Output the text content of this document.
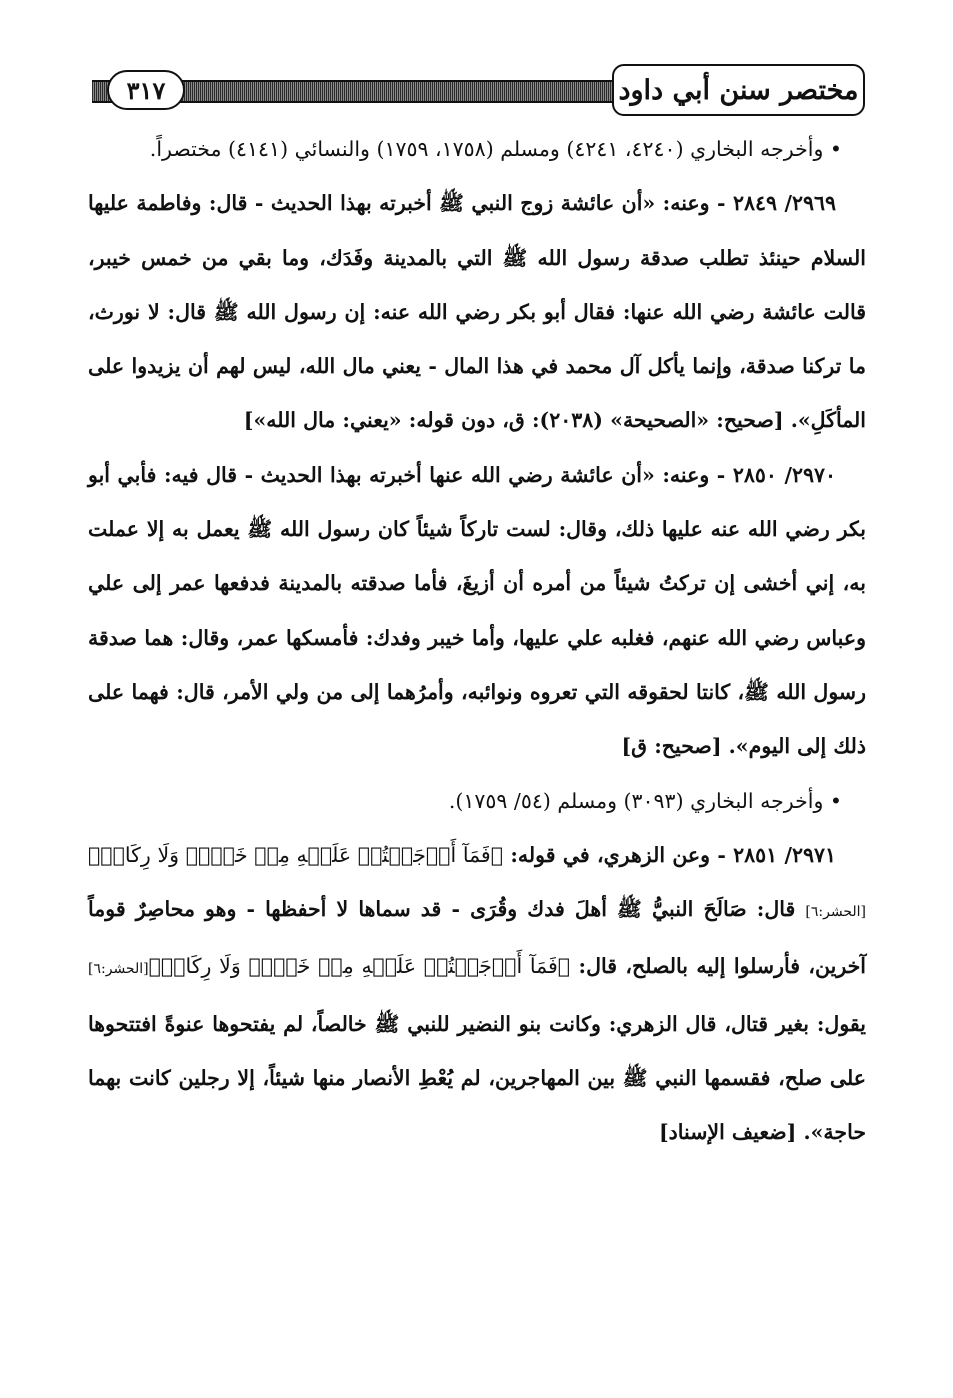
٣١٧	مختصر سنن أبي داود

• وأخرجه البخاري (٤٢٤٠، ٤٢٤١) ومسلم (١٧٥٨، ١٧٥٩) والنسائي (٤١٤١) مختصراً.

٢٩٦٩/ ٢٨٤٩ - وعنه: «أن عائشة زوج النبي ﷺ أخبرته بهذا الحديث - قال: وفاطمة عليها السلام حينئذ تطلب صدقة رسول الله ﷺ التي بالمدينة وفَدَك، وما بقي من خمس خيبر، قالت عائشة رضي الله عنها: فقال أبو بكر رضي الله عنه: إن رسول الله ﷺ قال: لا نورث، ما تركنا صدقة، وإنما يأكل آل محمد في هذا المال - يعني مال الله، ليس لهم أن يزيدوا على المأكَلِ». [صحيح: «الصحيحة» (٢٠٣٨): ق، دون قوله: «يعني: مال الله»]

٢٩٧٠/ ٢٨٥٠ - وعنه: «أن عائشة رضي الله عنها أخبرته بهذا الحديث - قال فيه: فأبي أبو بكر رضي الله عنه عليها ذلك، وقال: لست تاركاً شيئاً كان رسول الله ﷺ يعمل به إلا عملت به، إني أخشى إن تركتُ شيئاً من أمره أن أزيغَ، فأما صدقته بالمدينة فدفعها عمر إلى علي وعباس رضي الله عنهم، فغلبه علي عليها، وأما خيبر وفدك: فأمسكها عمر، وقال: هما صدقة رسول الله ﷺ، كانتا لحقوقه التي تعروه ونوائبه، وأمرُهما إلى من ولي الأمر، قال: فهما على ذلك إلى اليوم». [صحيح: ق]

• وأخرجه البخاري (٣٠٩٣) ومسلم (٥٤/ ١٧٥٩).

٢٩٧١/ ٢٨٥١ - وعن الزهري، في قوله: ﴿فَمَآ أَوۡجَفۡتُمۡ عَلَيۡهِ مِنۡ خَيۡلٖ وَلَا رِكَابٖ﴾[الحشر:٦] قال: صَالَحَ النبيُّ ﷺ أهلَ فدك وقُرَى - قد سماها لا أحفظها - وهو محاصِرٌ قوماً آخرين، فأرسلوا إليه بالصلح، قال: ﴿فَمَآ أَوۡجَفۡتُمۡ عَلَيۡهِ مِنۡ خَيۡلٖ وَلَا رِكَابٖ﴾[الحشر:٦] يقول: بغير قتال، قال الزهري: وكانت بنو النضير للنبي ﷺ خالصاً، لم يفتحوها عنوةً افتتحوها على صلح، فقسمها النبي ﷺ بين المهاجرين، لم يُعْطِ الأنصار منها شيئاً، إلا رجلين كانت بهما حاجة». [ضعيف الإسناد]
